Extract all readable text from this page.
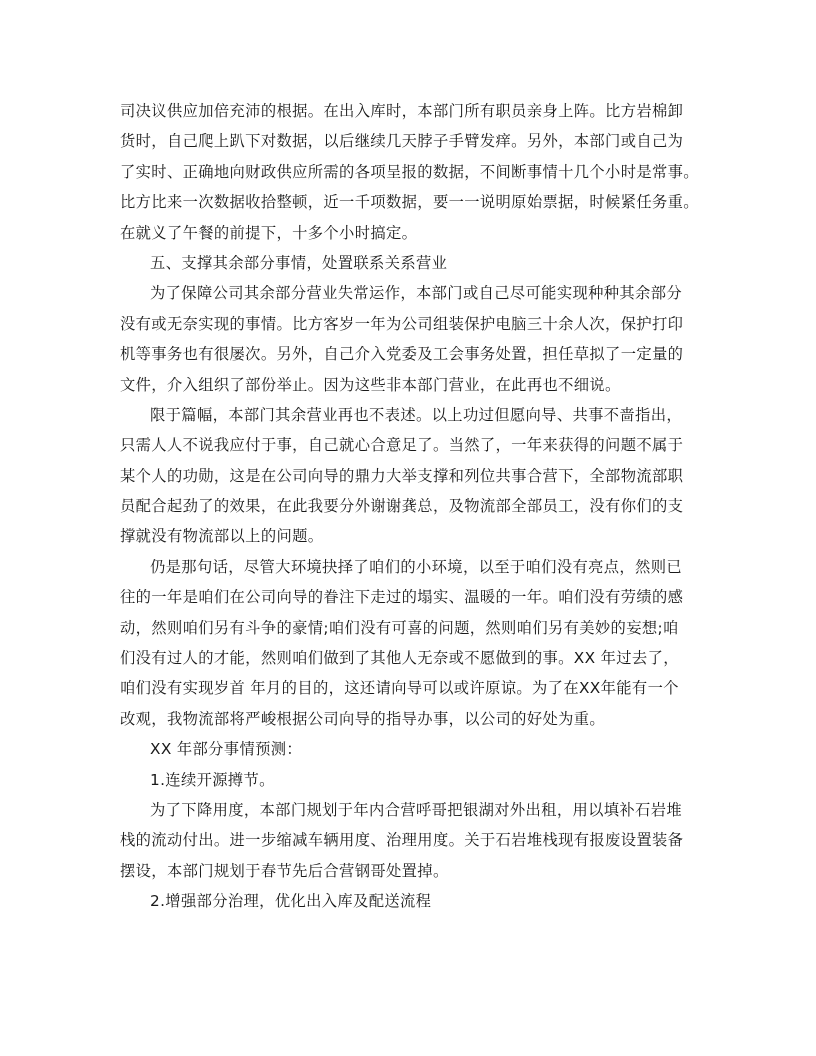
司决议供应加倍充沛的根据。在出入库时，本部门所有职员亲身上阵。比方岩棉卸
货时，自己爬上趴下对数据，以后继续几天脖子手臂发痒。另外，本部门或自己为
了实时、正确地向财政供应所需的各项呈报的数据，不间断事情十几个小时是常事。
比方比来一次数据收拾整顿，近一千项数据，要一一说明原始票据，时候紧任务重。
在就义了午餐的前提下，十多个小时搞定。
五、支撑其余部分事情，处置联系关系营业
为了保障公司其余部分营业失常运作，本部门或自己尽可能实现种种其余部分
没有或无奈实现的事情。比方客岁一年为公司组装保护电脑三十余人次，保护打印
机等事务也有很屡次。另外，自己介入党委及工会事务处置，担任草拟了一定量的
文件，介入组织了部份举止。因为这些非本部门营业，在此再也不细说。
限于篇幅，本部门其余营业再也不表述。以上功过但愿向导、共事不啬指出，
只需人人不说我应付于事，自己就心合意足了。当然了，一年来获得的问题不属于
某个人的功勋，这是在公司向导的鼎力大举支撑和列位共事合营下，全部物流部职
员配合起劲了的效果，在此我要分外谢谢龚总，及物流部全部员工，没有你们的支
撑就没有物流部以上的问题。
仍是那句话，尽管大环境抉择了咱们的小环境，以至于咱们没有亮点，然则已
往的一年是咱们在公司向导的眷注下走过的塌实、温暖的一年。咱们没有劳绩的感
动，然则咱们另有斗争的豪情;咱们没有可喜的问题，然则咱们另有美妙的妄想;咱
们没有过人的才能，然则咱们做到了其他人无奈或不愿做到的事。XX 年过去了，
咱们没有实现岁首 年月的目的，这还请向导可以或许原谅。为了在XX年能有一个
改观，我物流部将严峻根据公司向导的指导办事，以公司的好处为重。
XX 年部分事情预测：
1.连续开源撙节。
为了下降用度，本部门规划于年内合营呼哥把银湖对外出租，用以填补石岩堆
栈的流动付出。进一步缩减车辆用度、治理用度。关于石岩堆栈现有报废设置装备
摆设，本部门规划于春节先后合营钢哥处置掉。
2.增强部分治理，优化出入库及配送流程
